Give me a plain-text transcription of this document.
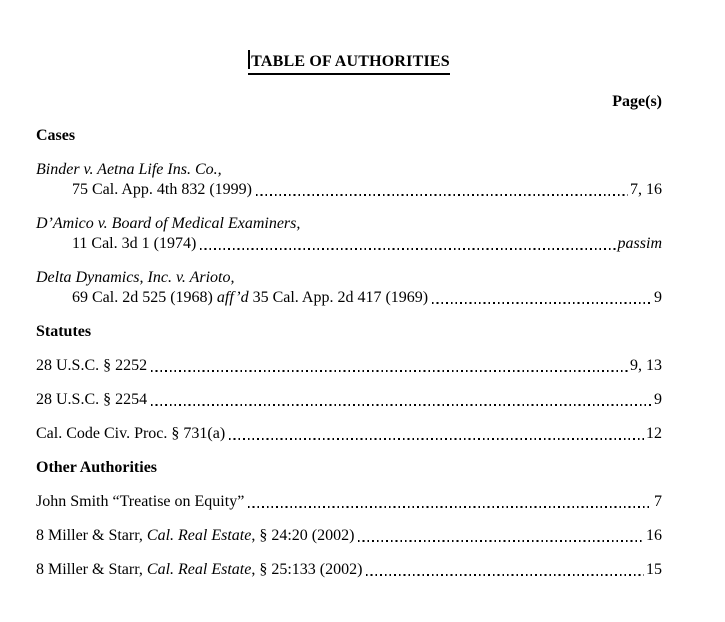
TABLE OF AUTHORITIES
Page(s)
Cases
Binder v. Aetna Life Ins. Co.,
75 Cal. App. 4th 832 (1999)	7, 16
D’Amico v. Board of Medical Examiners,
11 Cal. 3d 1 (1974)	passim
Delta Dynamics, Inc. v. Arioto,
69 Cal. 2d 525 (1968) aff’d 35 Cal. App. 2d 417 (1969)	9
Statutes
28 U.S.C. § 2252	9, 13
28 U.S.C. § 2254	9
Cal. Code Civ. Proc. § 731(a)	12
Other Authorities
John Smith “Treatise on Equity”	7
8 Miller & Starr, Cal. Real Estate, § 24:20 (2002)	16
8 Miller & Starr, Cal. Real Estate, § 25:133 (2002)	15
